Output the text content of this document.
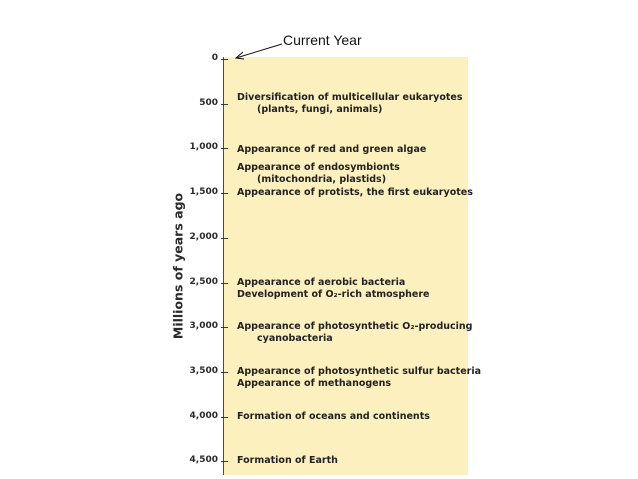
Millions of years ago
0
500
1,000
1,500
2,000
2,500
3,000
3,500
4,000
4,500
Diversification of multicellular eukaryotes
(plants, fungi, animals)
Appearance of red and green algae
Appearance of endosymbionts
(mitochondria, plastids)
Appearance of protists, the first eukaryotes
Appearance of aerobic bacteria
Development of O₂-rich atmosphere
Appearance of photosynthetic O₂-producing
cyanobacteria
Appearance of photosynthetic sulfur bacteria
Appearance of methanogens
Formation of oceans and continents
Formation of Earth
Current Year
